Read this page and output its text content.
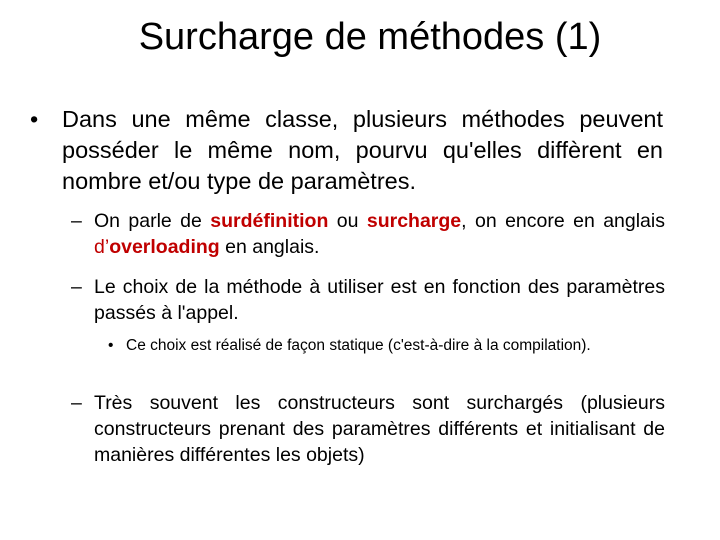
Surcharge de méthodes (1)
• Dans une même classe, plusieurs méthodes peuvent posséder le même nom, pourvu qu'elles diffèrent en nombre et/ou type de paramètres.
– On parle de surdéfinition ou surcharge, on encore en anglais d’overloading en anglais.
– Le choix de la méthode à utiliser est en fonction des paramètres passés à l'appel.
• Ce choix est réalisé de façon statique (c'est-à-dire à la compilation).
– Très souvent les constructeurs sont surchargés (plusieurs constructeurs prenant des paramètres différents et initialisant de manières différentes les objets)
